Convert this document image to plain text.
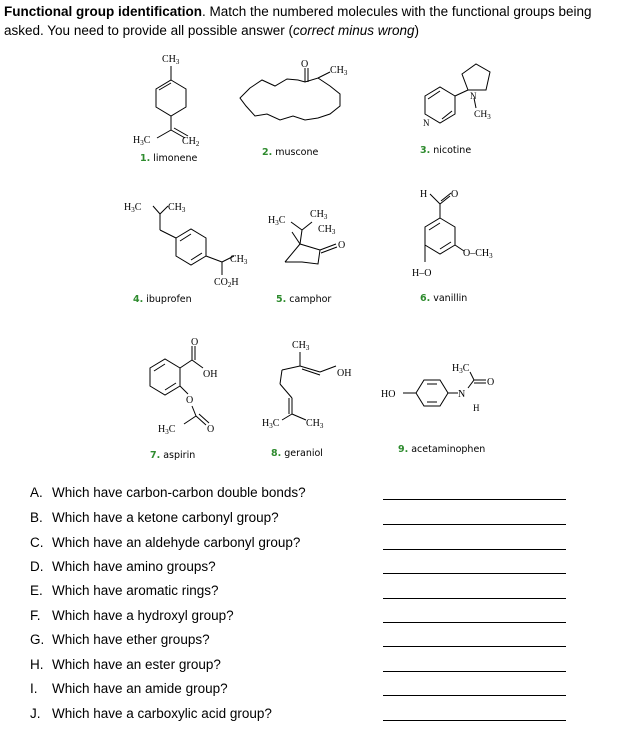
Functional group identification. Match the numbered molecules with the functional groups being asked. You need to provide all possible answer (correct minus wrong)
$CH_3$
$H_3C$	$CH_2$
1. limonene
O
$CH_3$
2. muscone
N
N
$CH_3$
3. nicotine
$H_3C$	$CH_3$
$CH_3$
$CO_2H$
4. ibuprofen
$H_3C$
$CH_3$
$CH_3$
O
5. camphor
H O
$O-CH_3$
H–O
6. vanillin
O
OH
O
O
$H_3C$
7. aspirin
$CH_3$
OH
$H_3C$	$CH_3$
8. geraniol
HO	N
H
$H_3C$
O
9. acetaminophen
A. Which have carbon-carbon double bonds?
B. Which have a ketone carbonyl group?
C. Which have an aldehyde carbonyl group?
D. Which have amino groups?
E. Which have aromatic rings?
F. Which have a hydroxyl group?
G. Which have ether groups?
H. Which have an ester group?
I. Which have an amide group?
J. Which have a carboxylic acid group?
